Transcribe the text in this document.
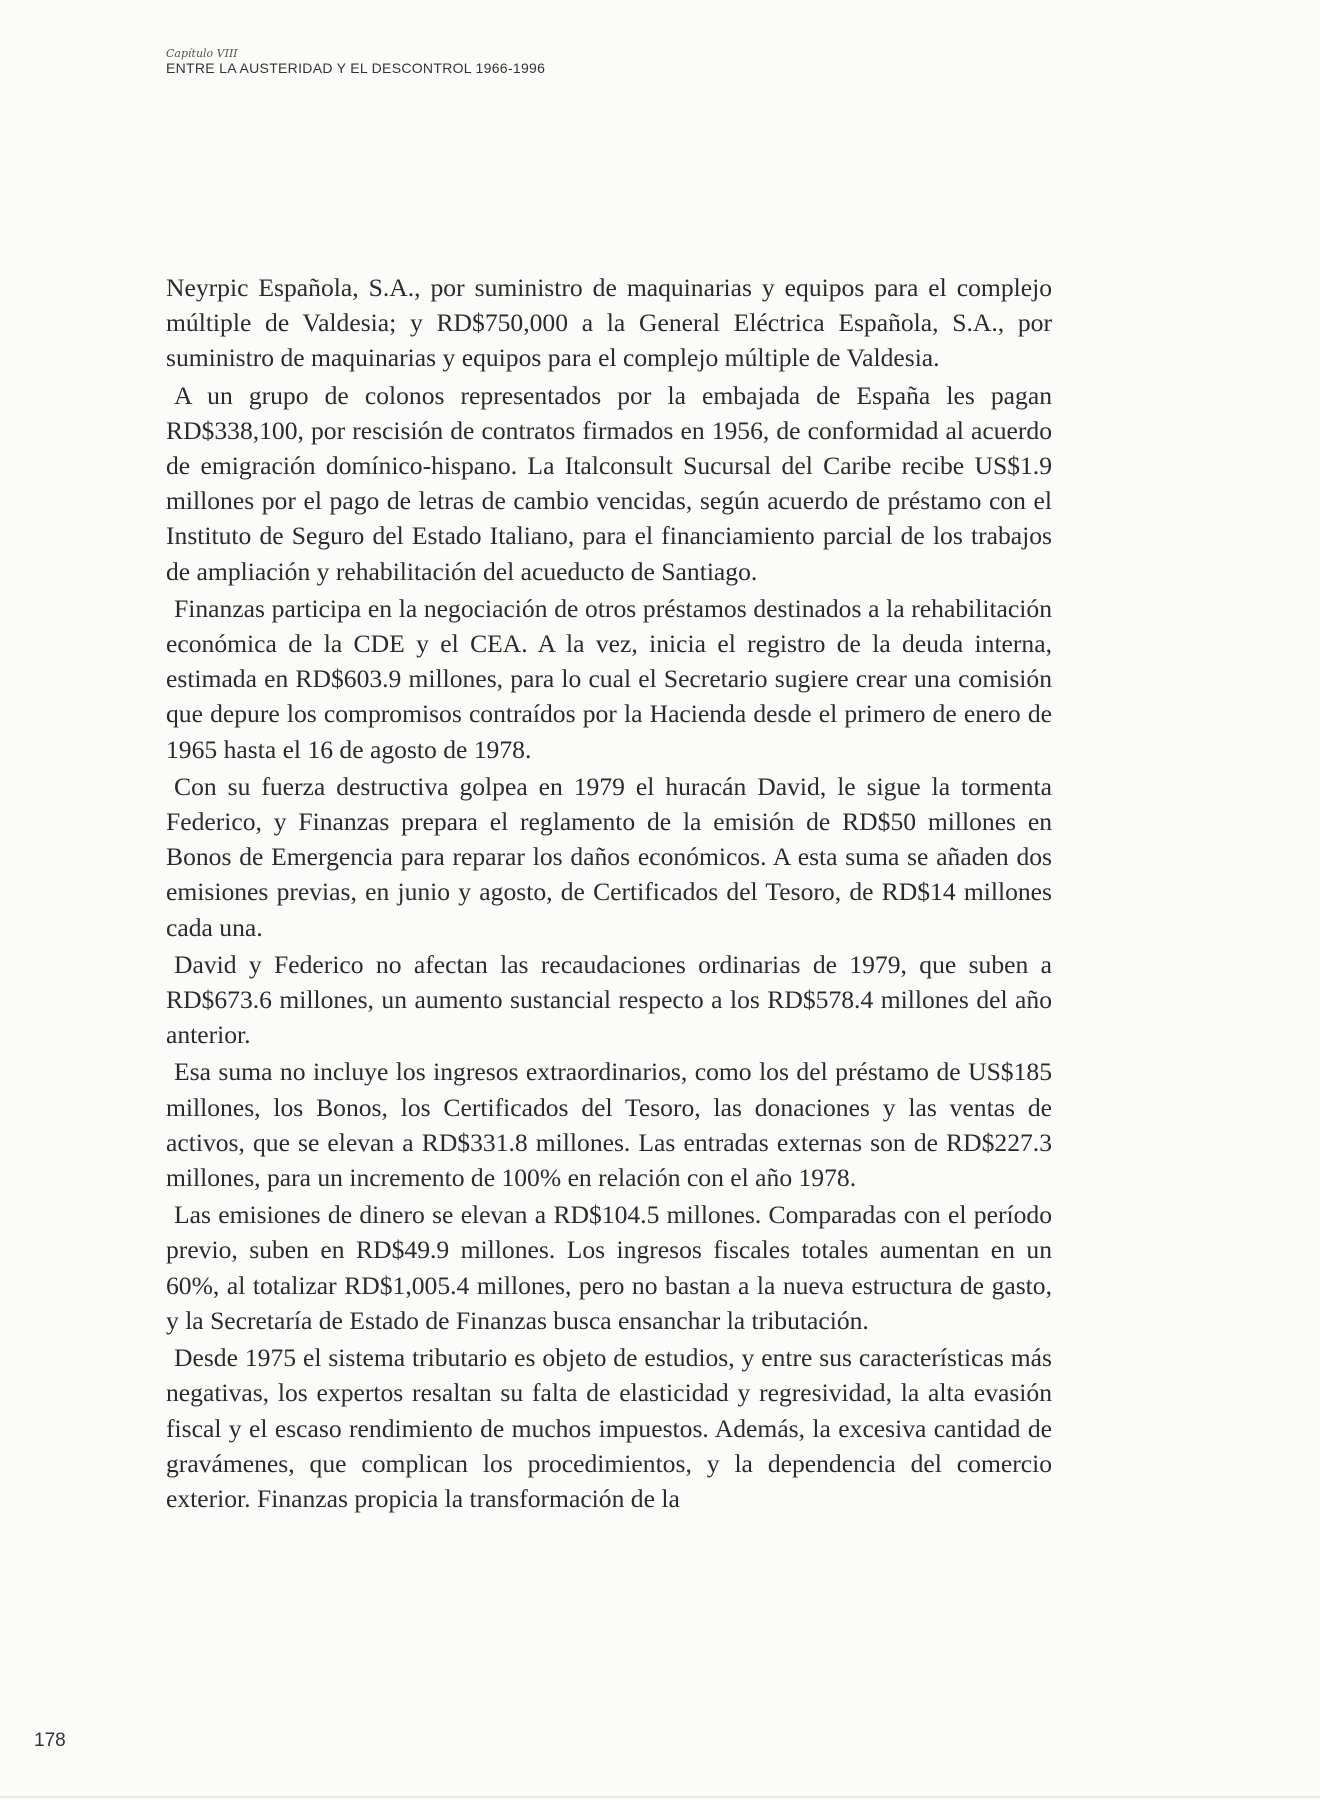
Capítulo VIII
ENTRE LA AUSTERIDAD Y EL DESCONTROL 1966-1996

Neyrpic Española, S.A., por suministro de maquinarias y equipos para el complejo múltiple de Valdesia; y RD$750,000 a la General Eléctrica Española, S.A., por suministro de maquinarias y equipos para el complejo múltiple de Valdesia.

A un grupo de colonos representados por la embajada de España les pagan RD$338,100, por rescisión de contratos firmados en 1956, de conformidad al acuerdo de emigración domínico-hispano. La Italconsult Sucursal del Caribe recibe US$1.9 millones por el pago de letras de cambio vencidas, según acuerdo de préstamo con el Instituto de Seguro del Estado Italiano, para el financiamiento parcial de los trabajos de ampliación y rehabilitación del acueducto de Santiago.

Finanzas participa en la negociación de otros préstamos destinados a la rehabilitación económica de la CDE y el CEA. A la vez, inicia el registro de la deuda interna, estimada en RD$603.9 millones, para lo cual el Secretario sugiere crear una comisión que depure los compromisos contraídos por la Hacienda desde el primero de enero de 1965 hasta el 16 de agosto de 1978.

Con su fuerza destructiva golpea en 1979 el huracán David, le sigue la tormenta Federico, y Finanzas prepara el reglamento de la emisión de RD$50 millones en Bonos de Emergencia para reparar los daños económicos. A esta suma se añaden dos emisiones previas, en junio y agosto, de Certificados del Tesoro, de RD$14 millones cada una.

David y Federico no afectan las recaudaciones ordinarias de 1979, que suben a RD$673.6 millones, un aumento sustancial respecto a los RD$578.4 millones del año anterior.

Esa suma no incluye los ingresos extraordinarios, como los del préstamo de US$185 millones, los Bonos, los Certificados del Tesoro, las donaciones y las ventas de activos, que se elevan a RD$331.8 millones. Las entradas externas son de RD$227.3 millones, para un incremento de 100% en relación con el año 1978.

Las emisiones de dinero se elevan a RD$104.5 millones. Comparadas con el período previo, suben en RD$49.9 millones. Los ingresos fiscales totales aumentan en un 60%, al totalizar RD$1,005.4 millones, pero no bastan a la nueva estructura de gasto, y la Secretaría de Estado de Finanzas busca ensanchar la tributación.

Desde 1975 el sistema tributario es objeto de estudios, y entre sus características más negativas, los expertos resaltan su falta de elasticidad y regresividad, la alta evasión fiscal y el escaso rendimiento de muchos impuestos. Además, la excesiva cantidad de gravámenes, que complican los procedimientos, y la dependencia del comercio exterior. Finanzas propicia la transformación de la

178
